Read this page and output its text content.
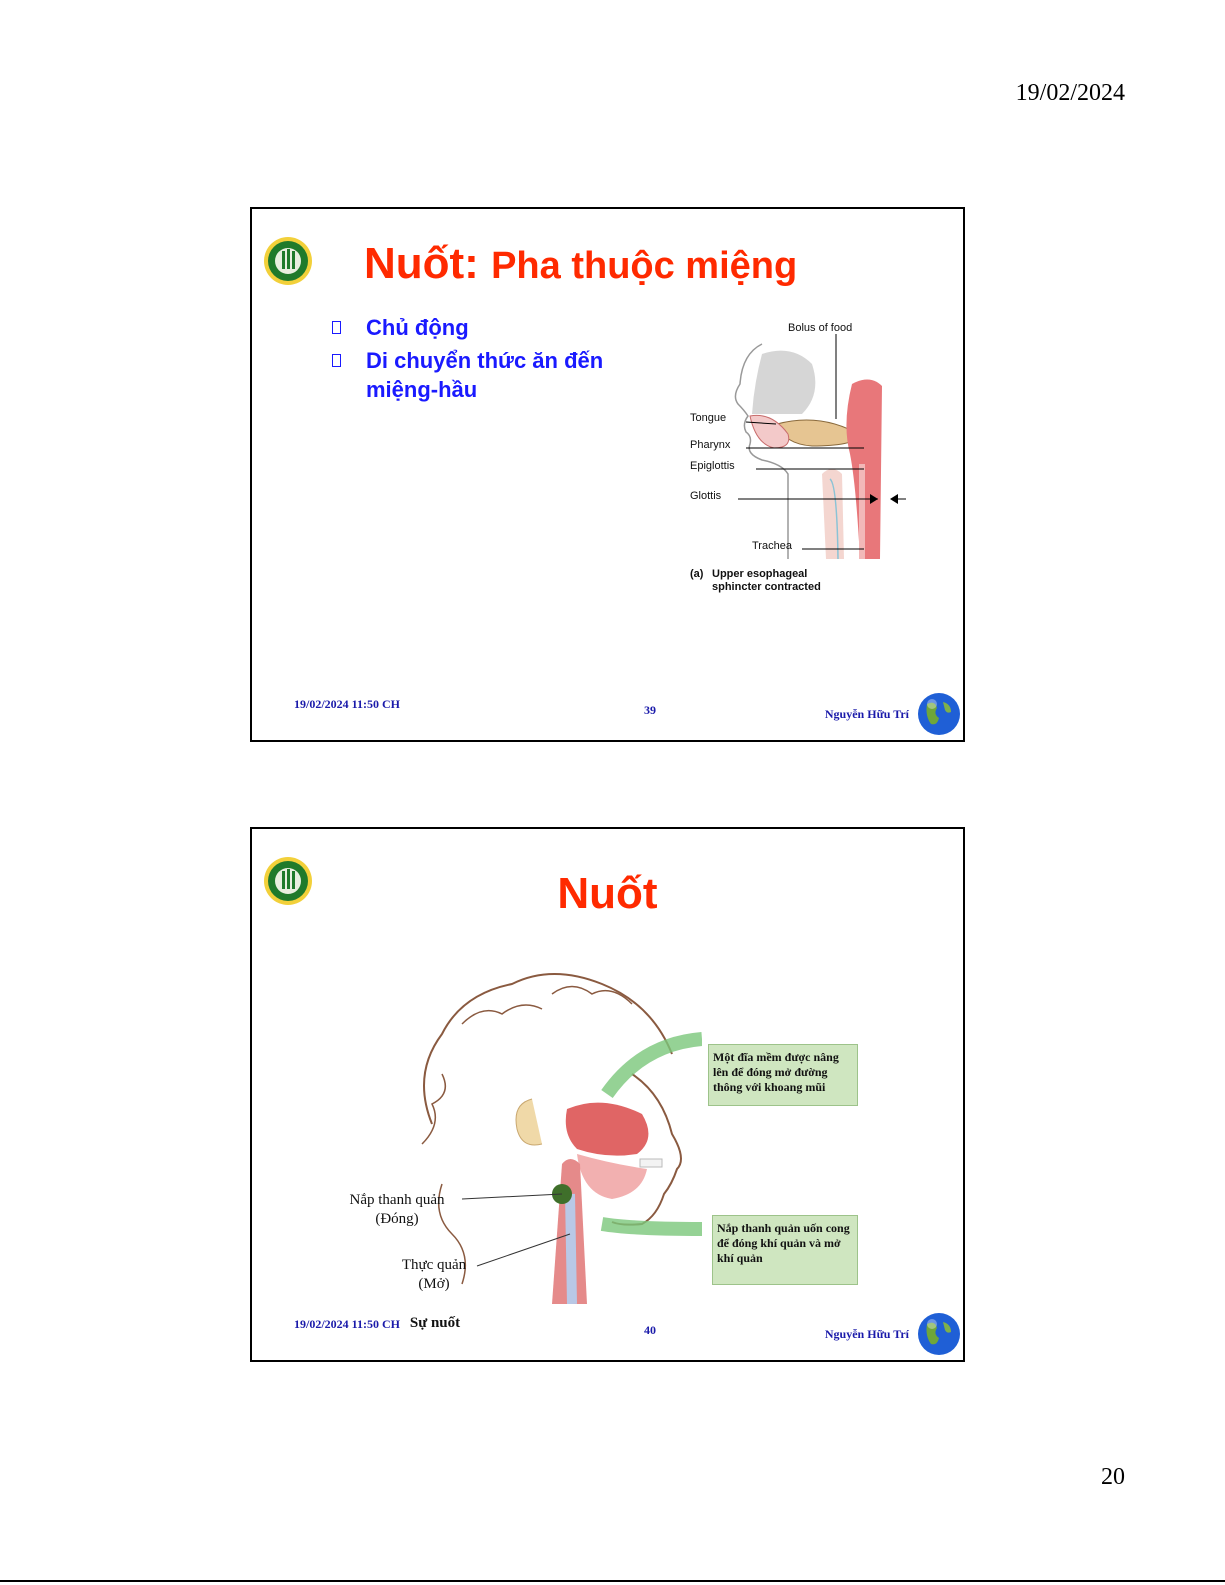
19/02/2024
Nuốt: Pha thuộc miệng
Chủ động
Di chuyển thức ăn đến miệng-hầu
Bolus of food
Tongue
Pharynx
Epiglottis
Glottis
Trachea
(a) Upper esophageal
sphincter contracted
19/02/2024 11:50 CH	39	Nguyễn Hữu Trí
Nuốt
Một đĩa mềm được nâng lên để đóng mở đường thông với khoang mũi
Nắp thanh quản uốn cong để đóng khí quản và mở khí quản
Nắp thanh quản
(Đóng)
Thực quản
(Mở)
Sự nuốt
19/02/2024 11:50 CH	40	Nguyễn Hữu Trí
20
